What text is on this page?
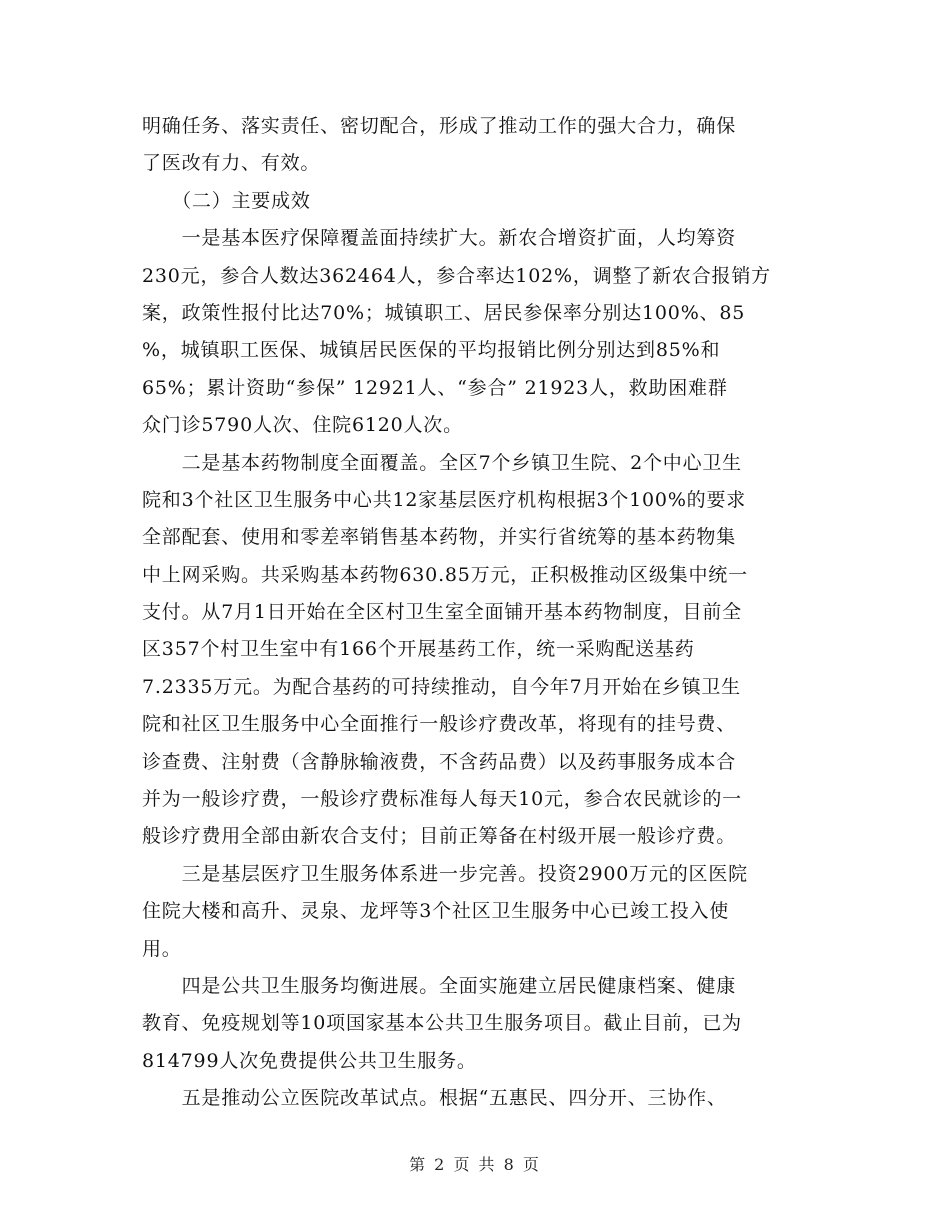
明确任务、落实责任、密切配合，形成了推动工作的强大合力，确保
了医改有力、有效。
　　（二）主要成效
　　一是基本医疗保障覆盖面持续扩大。新农合增资扩面，人均筹资
230元，参合人数达362464人，参合率达102%，调整了新农合报销方
案，政策性报付比达70%；城镇职工、居民参保率分别达100%、85
%，城镇职工医保、城镇居民医保的平均报销比例分别达到85%和
65%；累计资助“参保” 12921人、“参合” 21923人，救助困难群
众门诊5790人次、住院6120人次。
　　二是基本药物制度全面覆盖。全区7个乡镇卫生院、2个中心卫生
院和3个社区卫生服务中心共12家基层医疗机构根据3个100%的要求
全部配套、使用和零差率销售基本药物，并实行省统筹的基本药物集
中上网采购。共采购基本药物630.85万元，正积极推动区级集中统一
支付。从7月1日开始在全区村卫生室全面铺开基本药物制度，目前全
区357个村卫生室中有166个开展基药工作，统一采购配送基药
7.2335万元。为配合基药的可持续推动，自今年7月开始在乡镇卫生
院和社区卫生服务中心全面推行一般诊疗费改革，将现有的挂号费、
诊查费、注射费（含静脉输液费，不含药品费）以及药事服务成本合
并为一般诊疗费，一般诊疗费标准每人每天10元，参合农民就诊的一
般诊疗费用全部由新农合支付；目前正筹备在村级开展一般诊疗费。
　　三是基层医疗卫生服务体系进一步完善。投资2900万元的区医院
住院大楼和高升、灵泉、龙坪等3个社区卫生服务中心已竣工投入使
用。
　　四是公共卫生服务均衡进展。全面实施建立居民健康档案、健康
教育、免疫规划等10项国家基本公共卫生服务项目。截止目前，已为
814799人次免费提供公共卫生服务。
　　五是推动公立医院改革试点。根据“五惠民、四分开、三协作、
第 2 页 共 8 页
